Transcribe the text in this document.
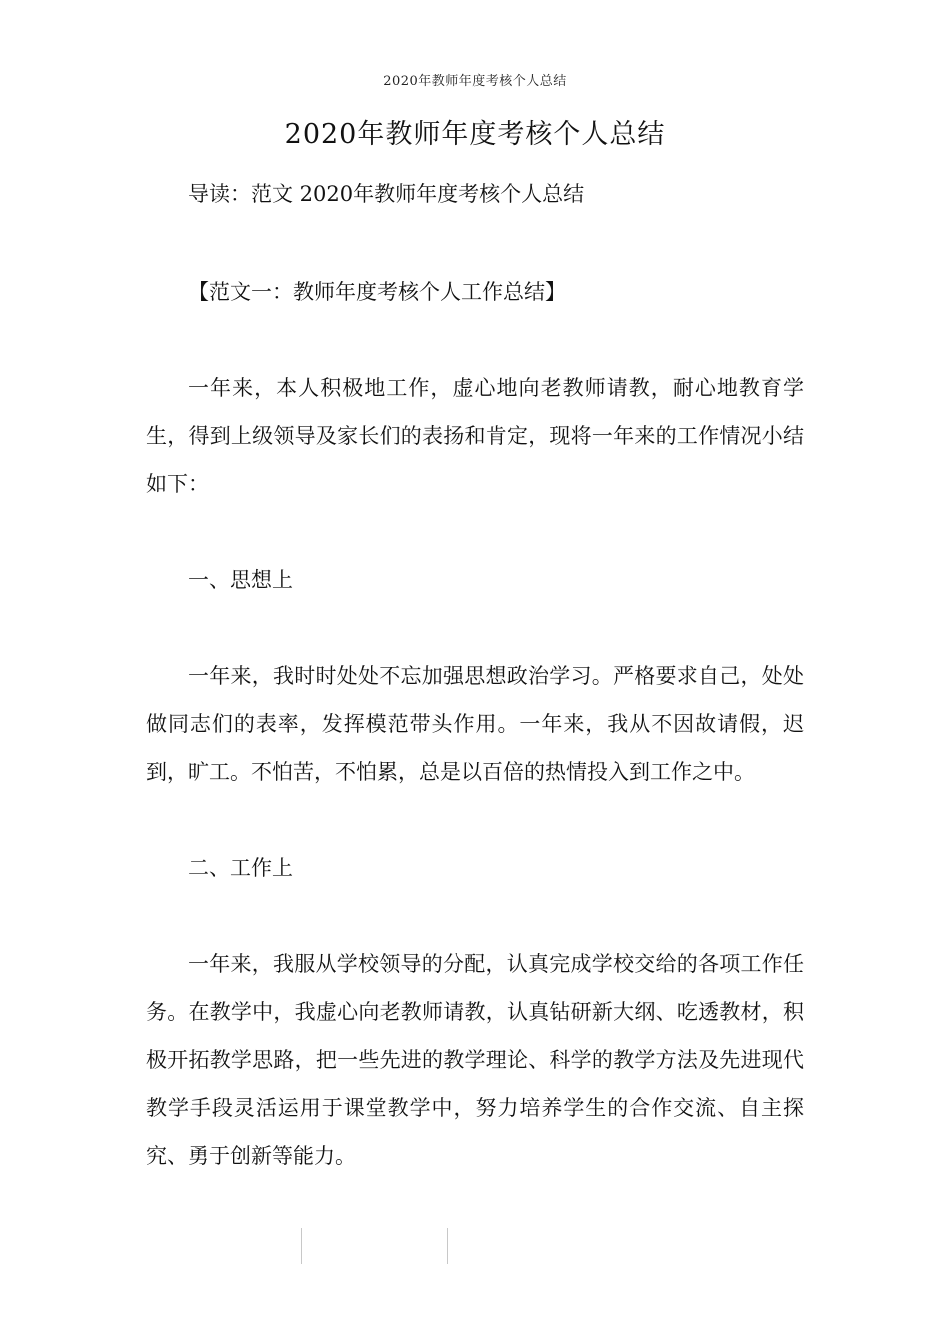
2020年教师年度考核个人总结
2020年教师年度考核个人总结

导读：范文 2020年教师年度考核个人总结

【范文一：教师年度考核个人工作总结】

一年来，本人积极地工作，虚心地向老教师请教，耐心地教育学生，得到上级领导及家长们的表扬和肯定，现将一年来的工作情况小结如下：

一、思想上

一年来，我时时处处不忘加强思想政治学习。严格要求自己，处处做同志们的表率，发挥模范带头作用。一年来，我从不因故请假，迟到，旷工。不怕苦，不怕累，总是以百倍的热情投入到工作之中。

二、工作上

一年来，我服从学校领导的分配，认真完成学校交给的各项工作任务。在教学中，我虚心向老教师请教，认真钻研新大纲、吃透教材，积极开拓教学思路，把一些先进的教学理论、科学的教学方法及先进现代教学手段灵活运用于课堂教学中，努力培养学生的合作交流、自主探究、勇于创新等能力。
